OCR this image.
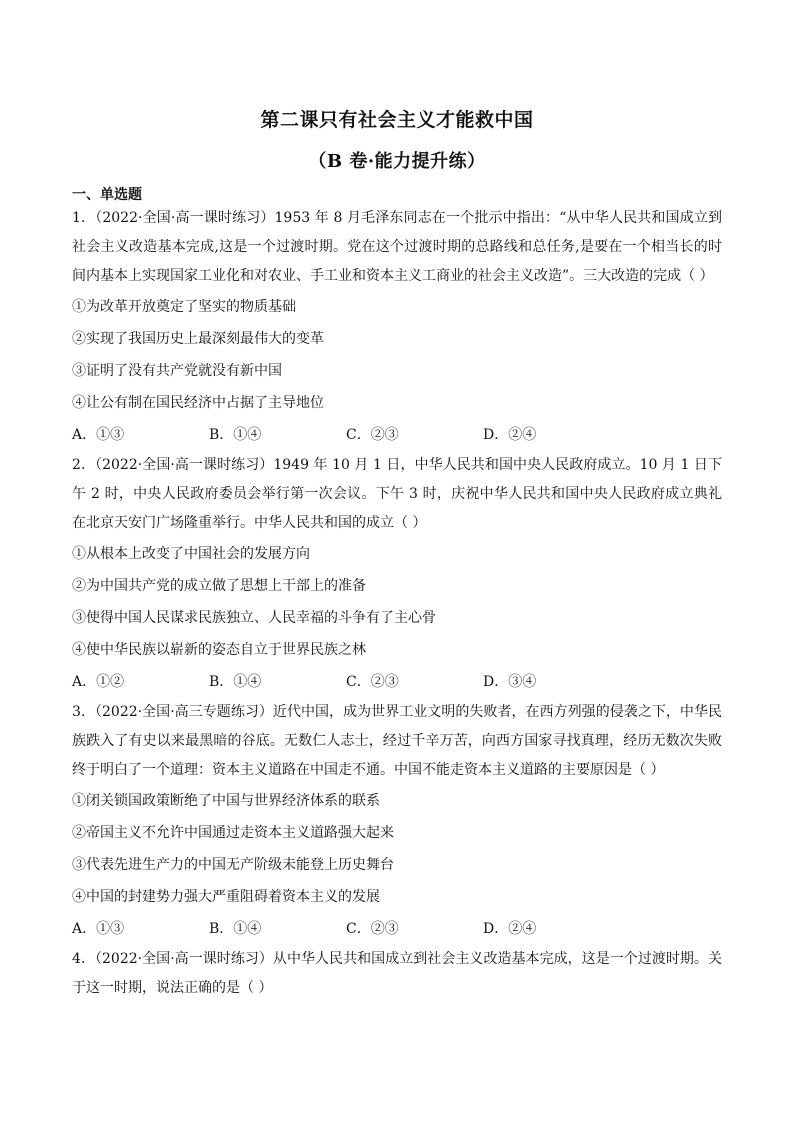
第二课只有社会主义才能救中国
（B 卷·能力提升练）
一、单选题

1．（2022·全国·高一课时练习）1953 年 8 月毛泽东同志在一个批示中指出：“从中华人民共和国成立到社会主义改造基本完成,这是一个过渡时期。党在这个过渡时期的总路线和总任务,是要在一个相当长的时间内基本上实现国家工业化和对农业、手工业和资本主义工商业的社会主义改造”。三大改造的完成（ ）

①为改革开放奠定了坚实的物质基础

②实现了我国历史上最深刻最伟大的变革

③证明了没有共产党就没有新中国

④让公有制在国民经济中占据了主导地位

A．①③	B．①④	C．②③	D．②④

2．（2022·全国·高一课时练习）1949 年 10 月 1 日，中华人民共和国中央人民政府成立。10 月 1 日下午 2 时，中央人民政府委员会举行第一次会议。下午 3 时，庆祝中华人民共和国中央人民政府成立典礼在北京天安门广场隆重举行。中华人民共和国的成立（ ）

①从根本上改变了中国社会的发展方向

②为中国共产党的成立做了思想上干部上的准备

③使得中国人民谋求民族独立、人民幸福的斗争有了主心骨

④使中华民族以崭新的姿态自立于世界民族之林

A．①②	B．①④	C．②③	D．③④

3．（2022·全国·高三专题练习）近代中国，成为世界工业文明的失败者，在西方列强的侵袭之下，中华民族跌入了有史以来最黑暗的谷底。无数仁人志士，经过千辛万苦，向西方国家寻找真理，经历无数次失败终于明白了一个道理：资本主义道路在中国走不通。中国不能走资本主义道路的主要原因是（ ）

①闭关锁国政策断绝了中国与世界经济体系的联系

②帝国主义不允许中国通过走资本主义道路强大起来

③代表先进生产力的中国无产阶级未能登上历史舞台

④中国的封建势力强大严重阻碍着资本主义的发展

A．①③	B．①④	C．②③	D．②④

4．（2022·全国·高一课时练习）从中华人民共和国成立到社会主义改造基本完成，这是一个过渡时期。关于这一时期，说法正确的是（ ）
